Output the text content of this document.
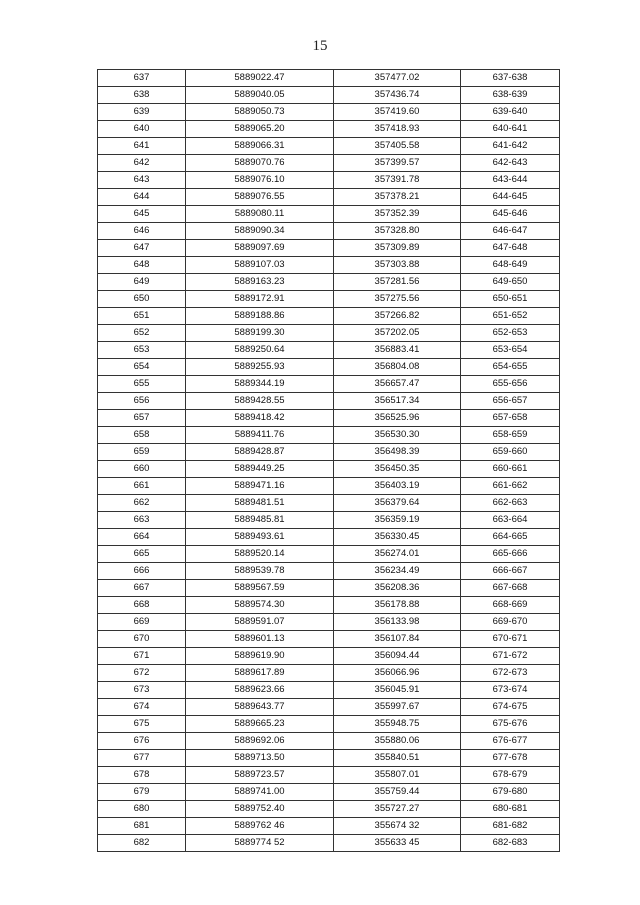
15
637	5889022.47	357477.02	637-638
638	5889040.05	357436.74	638-639
639	5889050.73	357419.60	639-640
640	5889065.20	357418.93	640-641
641	5889066.31	357405.58	641-642
642	5889070.76	357399.57	642-643
643	5889076.10	357391.78	643-644
644	5889076.55	357378.21	644-645
645	5889080.11	357352.39	645-646
646	5889090.34	357328.80	646-647
647	5889097.69	357309.89	647-648
648	5889107.03	357303.88	648-649
649	5889163.23	357281.56	649-650
650	5889172.91	357275.56	650-651
651	5889188.86	357266.82	651-652
652	5889199.30	357202.05	652-653
653	5889250.64	356883.41	653-654
654	5889255.93	356804.08	654-655
655	5889344.19	356657.47	655-656
656	5889428.55	356517.34	656-657
657	5889418.42	356525.96	657-658
658	5889411.76	356530.30	658-659
659	5889428.87	356498.39	659-660
660	5889449.25	356450.35	660-661
661	5889471.16	356403.19	661-662
662	5889481.51	356379.64	662-663
663	5889485.81	356359.19	663-664
664	5889493.61	356330.45	664-665
665	5889520.14	356274.01	665-666
666	5889539.78	356234.49	666-667
667	5889567.59	356208.36	667-668
668	5889574.30	356178.88	668-669
669	5889591.07	356133.98	669-670
670	5889601.13	356107.84	670-671
671	5889619.90	356094.44	671-672
672	5889617.89	356066.96	672-673
673	5889623.66	356045.91	673-674
674	5889643.77	355997.67	674-675
675	5889665.23	355948.75	675-676
676	5889692.06	355880.06	676-677
677	5889713.50	355840.51	677-678
678	5889723.57	355807.01	678-679
679	5889741.00	355759.44	679-680
680	5889752.40	355727.27	680-681
681	5889762 46	355674 32	681-682
682	5889774 52	355633 45	682-683
